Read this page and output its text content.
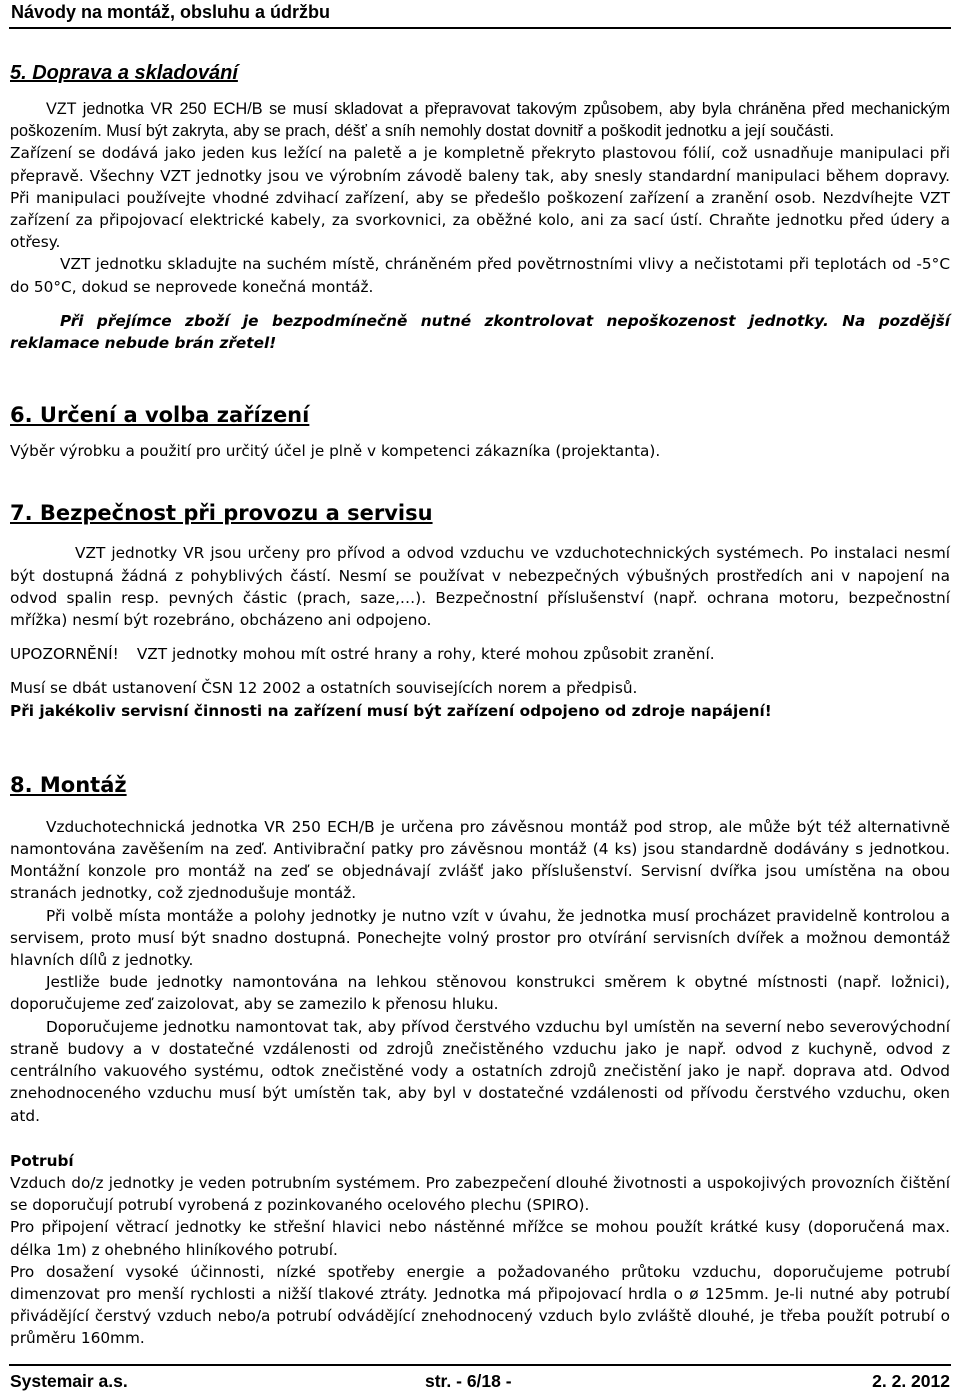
Návody na montáž, obsluhu a údržbu
5. Doprava a skladování

VZT jednotka VR 250 ECH/B se musí skladovat a přepravovat takovým způsobem, aby byla chráněna před mechanickým poškozením. Musí být zakryta, aby se prach, déšť a sníh nemohly dostat dovnitř a poškodit jednotku a její součásti.

Zařízení se dodává jako jeden kus ležící na paletě a je kompletně překryto plastovou fólií, což usnadňuje manipulaci při přepravě. Všechny VZT jednotky jsou ve výrobním závodě baleny tak, aby snesly standardní manipulaci během dopravy. Při manipulaci používejte vhodné zdvihací zařízení, aby se předešlo poškození zařízení a zranění osob. Nezdvíhejte VZT zařízení za připojovací elektrické kabely, za svorkovnici, za oběžné kolo, ani za sací ústí. Chraňte jednotku před údery a otřesy.

VZT jednotku skladujte na suchém místě, chráněném před povětrnostními vlivy a nečistotami při teplotách od -5°C do 50°C, dokud se neprovede konečná montáž.

Při přejímce zboží je bezpodmínečně nutné zkontrolovat nepoškozenost jednotky. Na pozdější reklamace nebude brán zřetel!

6. Určení a volba zařízení

Výběr výrobku a použití pro určitý účel je plně v kompetenci zákazníka (projektanta).

7. Bezpečnost při provozu a servisu

VZT jednotky VR jsou určeny pro přívod a odvod vzduchu ve vzduchotechnických systémech. Po instalaci nesmí být dostupná žádná z pohyblivých částí. Nesmí se používat v nebezpečných výbušných prostředích ani v napojení na odvod spalin resp. pevných částic (prach, saze,…). Bezpečnostní příslušenství (např. ochrana motoru, bezpečnostní mřížka) nesmí být rozebráno, obcházeno ani odpojeno.

UPOZORNĚNÍ! VZT jednotky mohou mít ostré hrany a rohy, které mohou způsobit zranění.

Musí se dbát ustanovení ČSN 12 2002 a ostatních souvisejících norem a předpisů.

Při jakékoliv servisní činnosti na zařízení musí být zařízení odpojeno od zdroje napájení!

8. Montáž

Vzduchotechnická jednotka VR 250 ECH/B je určena pro závěsnou montáž pod strop, ale může být též alternativně namontována zavěšením na zeď. Antivibrační patky pro závěsnou montáž (4 ks) jsou standardně dodávány s jednotkou. Montážní konzole pro montáž na zeď se objednávají zvlášť jako příslušenství. Servisní dvířka jsou umístěna na obou stranách jednotky, což zjednodušuje montáž.

Při volbě místa montáže a polohy jednotky je nutno vzít v úvahu, že jednotka musí procházet pravidelně kontrolou a servisem, proto musí být snadno dostupná. Ponechejte volný prostor pro otvírání servisních dvířek a možnou demontáž hlavních dílů z jednotky.

Jestliže bude jednotky namontována na lehkou stěnovou konstrukci směrem k obytné místnosti (např. ložnici), doporučujeme zeď zaizolovat, aby se zamezilo k přenosu hluku.

Doporučujeme jednotku namontovat tak, aby přívod čerstvého vzduchu byl umístěn na severní nebo severovýchodní straně budovy a v dostatečné vzdálenosti od zdrojů znečistěného vzduchu jako je např. odvod z kuchyně, odvod z centrálního vakuového systému, odtok znečistěné vody a ostatních zdrojů znečistění jako je např. doprava atd. Odvod znehodnoceného vzduchu musí být umístěn tak, aby byl v dostatečné vzdálenosti od přívodu čerstvého vzduchu, oken atd.

Potrubí

Vzduch do/z jednotky je veden potrubním systémem. Pro zabezpečení dlouhé životnosti a uspokojivých provozních čištění se doporučují potrubí vyrobená z pozinkovaného ocelového plechu (SPIRO).

Pro připojení větrací jednotky ke střešní hlavici nebo nástěnné mřížce se mohou použít krátké kusy (doporučená max. délka 1m) z ohebného hliníkového potrubí.

Pro dosažení vysoké účinnosti, nízké spotřeby energie a požadovaného průtoku vzduchu, doporučujeme potrubí dimenzovat pro menší rychlosti a nižší tlakové ztráty. Jednotka má připojovací hrdla o ø 125mm. Je-li nutné aby potrubí přivádějící čerstvý vzduch nebo/a potrubí odvádějící znehodnocený vzduch bylo zvláště dlouhé, je třeba použít potrubí o průměru 160mm.

Systemair a.s.	str. - 6/18 -	2. 2. 2012
